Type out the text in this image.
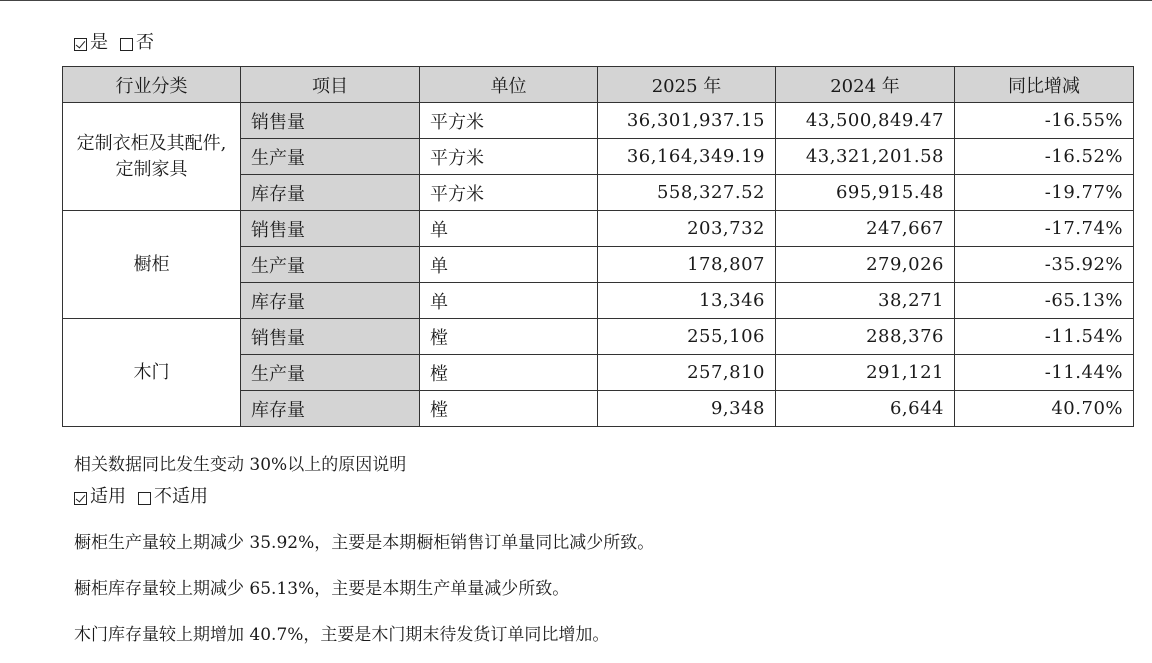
是 否
行业分类	项目	单位	2025 年	2024 年	同比增减
定制衣柜及其配件,定制家具	销售量	平方米	36,301,937.15	43,500,849.47	-16.55%
	生产量	平方米	36,164,349.19	43,321,201.58	-16.52%
	库存量	平方米	558,327.52	695,915.48	-19.77%
橱柜	销售量	单	203,732	247,667	-17.74%
	生产量	单	178,807	279,026	-35.92%
	库存量	单	13,346	38,271	-65.13%
木门	销售量	樘	255,106	288,376	-11.54%
	生产量	樘	257,810	291,121	-11.44%
	库存量	樘	9,348	6,644	40.70%
相关数据同比发生变动 30%以上的原因说明
适用 不适用
橱柜生产量较上期减少 35.92%，主要是本期橱柜销售订单量同比减少所致。
橱柜库存量较上期减少 65.13%，主要是本期生产单量减少所致。
木门库存量较上期增加 40.7%，主要是木门期末待发货订单同比增加。
